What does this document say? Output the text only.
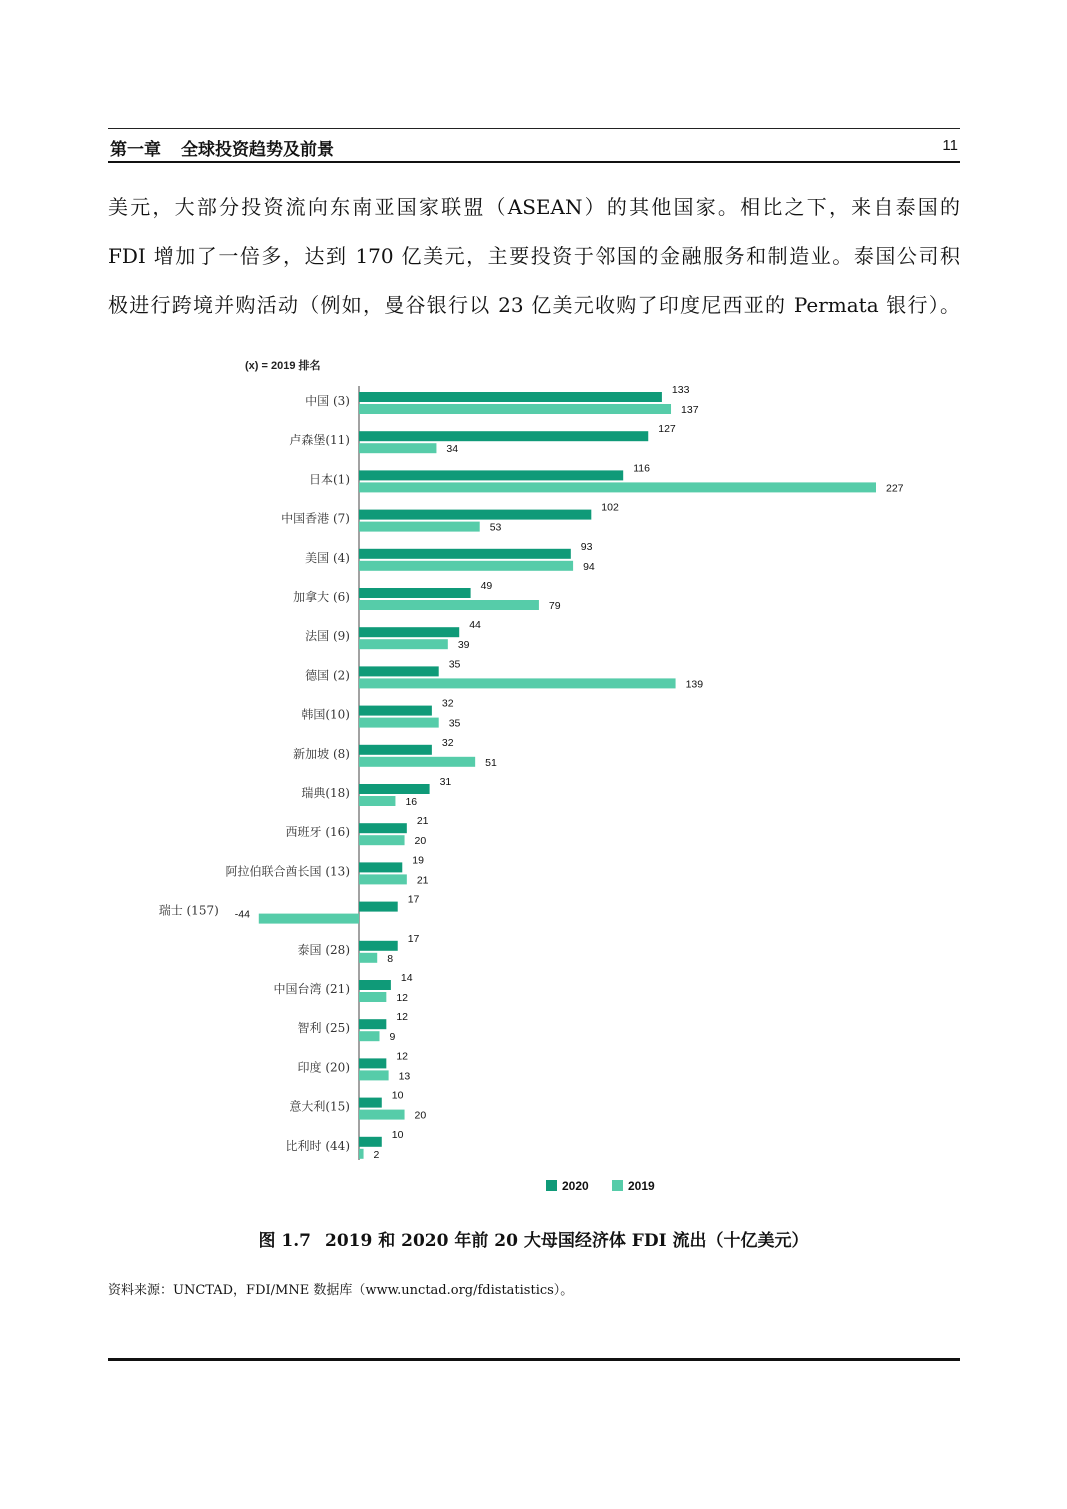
第一章 全球投资趋势及前景	11

美元，大部分投资流向东南亚国家联盟（ASEAN）的其他国家。相比之下，来自泰国的
FDI 增加了一倍多，达到 170 亿美元，主要投资于邻国的金融服务和制造业。泰国公司积
极进行跨境并购活动（例如，曼谷银行以 23 亿美元收购了印度尼西亚的 Permata 银行）。

(x) = 2019 排名
中国 (3)
133
137
卢森堡(11)
127
34
日本(1)
116
227
中国香港 (7)
102
53
美国 (4)
93
94
加拿大 (6)
49
79
法国 (9)
44
39
德国 (2)
35
139
韩国(10)
32
35
新加坡 (8)
32
51
瑞典(18)
31
16
西班牙 (16)
21
20
阿拉伯联合酋长国 (13)
19
21
瑞士 (157)
17
-44
泰国 (28)
17
8
中国台湾 (21)
14
12
智利 (25)
12
9
印度 (20)
12
13
意大利(15)
10
20
比利时 (44)
10
2
2020	2019
图 1.7 2019 和 2020 年前 20 大母国经济体 FDI 流出（十亿美元）
资料来源：UNCTAD，FDI/MNE 数据库（www.unctad.org/fdistatistics）。
